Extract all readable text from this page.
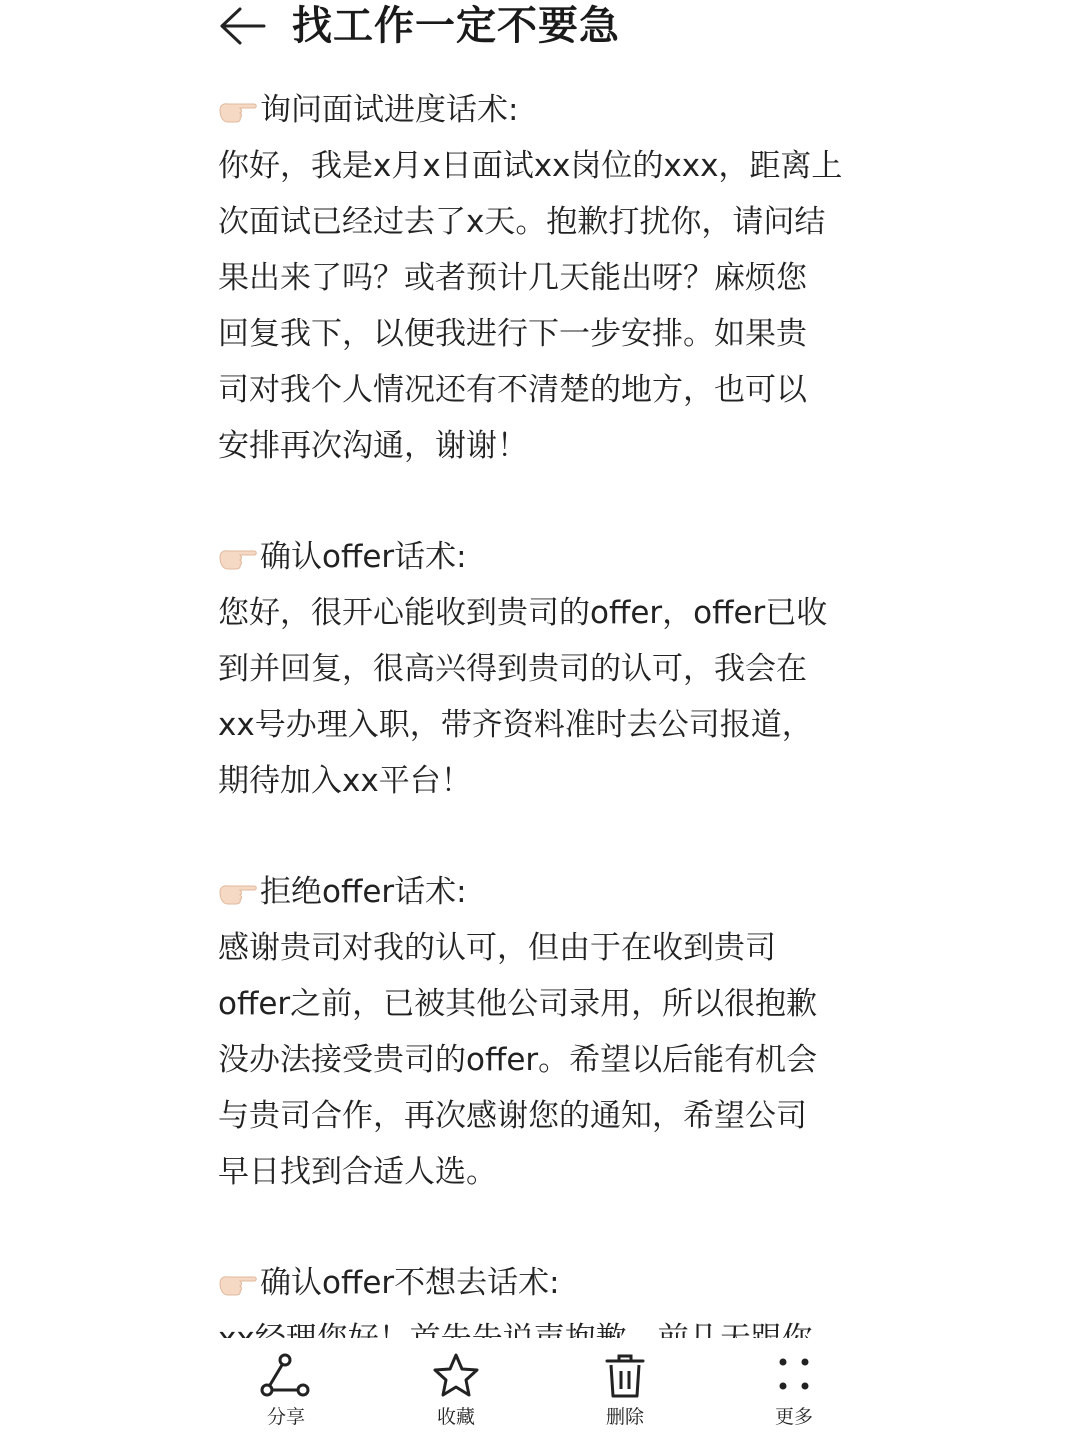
找工作一定不要急
询问面试进度话术:
你好，我是x月x日面试xx岗位的xxx，距离上
次面试已经过去了x天。抱歉打扰你，请问结
果出来了吗？或者预计几天能出呀？麻烦您
回复我下，以便我进行下一步安排。如果贵
司对我个人情况还有不清楚的地方，也可以
安排再次沟通，谢谢！
确认offer话术:
您好，很开心能收到贵司的offer，offer已收
到并回复，很高兴得到贵司的认可，我会在
xx号办理入职，带齐资料准时去公司报道，
期待加入xx平台！
拒绝offer话术:
感谢贵司对我的认可，但由于在收到贵司
offer之前，已被其他公司录用，所以很抱歉
没办法接受贵司的offer。希望以后能有机会
与贵司合作，再次感谢您的通知，希望公司
早日找到合适人选。
确认offer不想去话术:
分享	收藏	删除	更多
